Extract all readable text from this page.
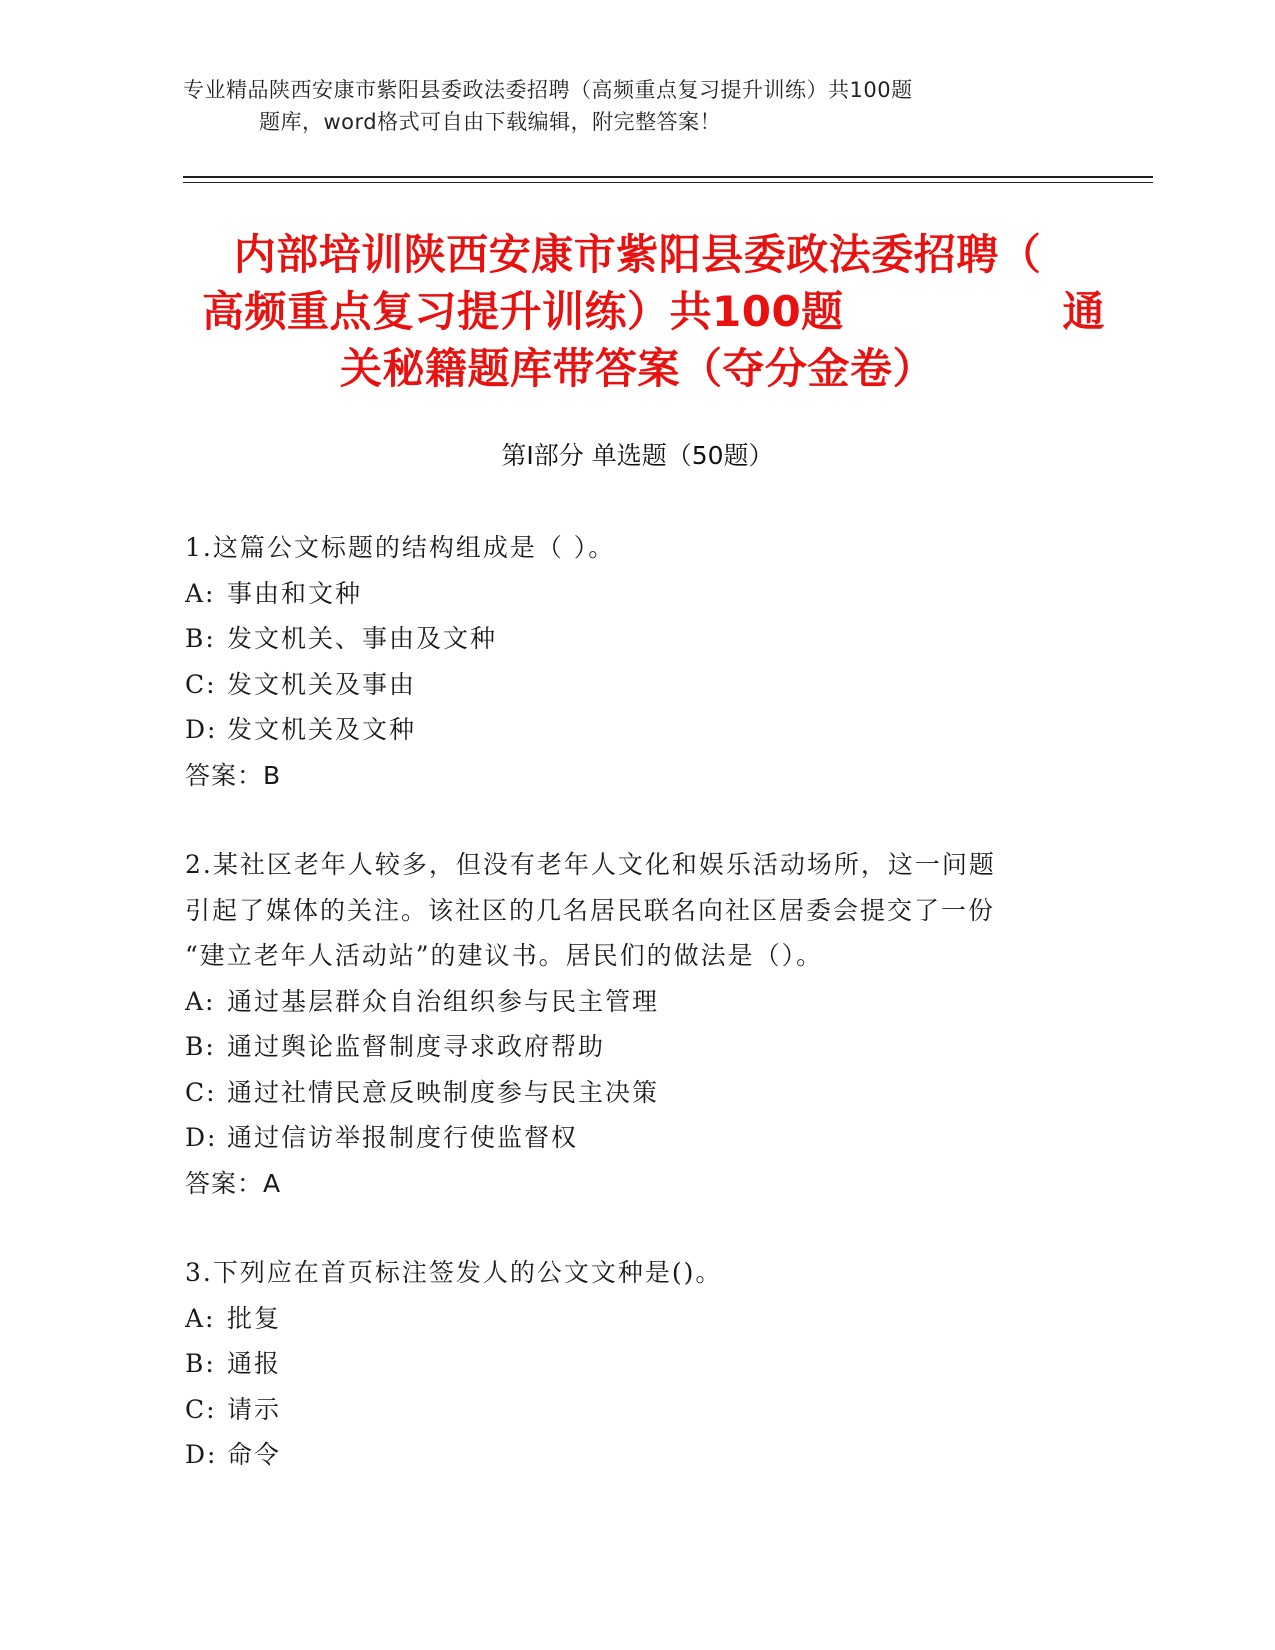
专业精品陕西安康市紫阳县委政法委招聘（高频重点复习提升训练）共100题
题库，word格式可自由下载编辑，附完整答案！
内部培训陕西安康市紫阳县委政法委招聘（
高频重点复习提升训练）共100题	通
关秘籍题库带答案（夺分金卷）
第Ⅰ部分 单选题（50题）

1.这篇公文标题的结构组成是（ ）。

A: 事由和文种

B: 发文机关、事由及文种

C: 发文机关及事由

D: 发文机关及文种

答案：B

2.某社区老年人较多，但没有老年人文化和娱乐活动场所，这一问题

引起了媒体的关注。该社区的几名居民联名向社区居委会提交了一份

“建立老年人活动站”的建议书。居民们的做法是（）。

A: 通过基层群众自治组织参与民主管理

B: 通过舆论监督制度寻求政府帮助

C: 通过社情民意反映制度参与民主决策

D: 通过信访举报制度行使监督权

答案：A

3.下列应在首页标注签发人的公文文种是()。

A: 批复

B: 通报

C: 请示

D: 命令
